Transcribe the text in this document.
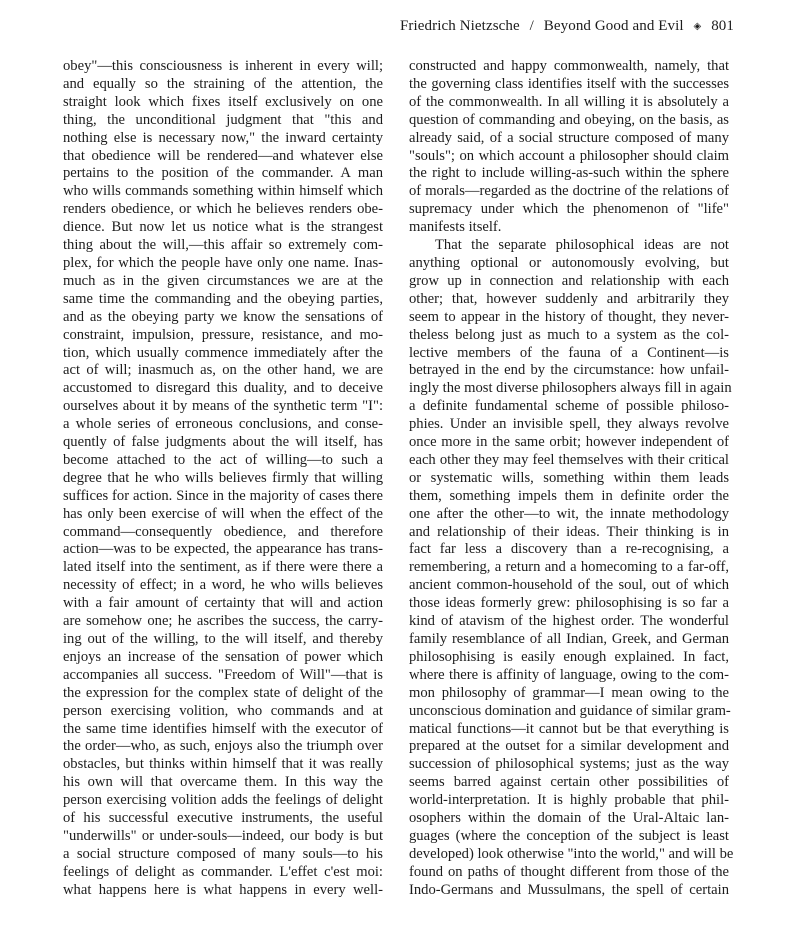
Friedrich Nietzsche / Beyond Good and Evil ◈ 801
obey"—this consciousness is inherent in every will;
and equally so the straining of the attention, the
straight look which fixes itself exclusively on one
thing, the unconditional judgment that "this and
nothing else is necessary now," the inward certainty
that obedience will be rendered—and whatever else
pertains to the position of the commander. A man
who wills commands something within himself which
renders obedience, or which he believes renders obe-
dience. But now let us notice what is the strangest
thing about the will,—this affair so extremely com-
plex, for which the people have only one name. Inas-
much as in the given circumstances we are at the
same time the commanding and the obeying parties,
and as the obeying party we know the sensations of
constraint, impulsion, pressure, resistance, and mo-
tion, which usually commence immediately after the
act of will; inasmuch as, on the other hand, we are
accustomed to disregard this duality, and to deceive
ourselves about it by means of the synthetic term "I":
a whole series of erroneous conclusions, and conse-
quently of false judgments about the will itself, has
become attached to the act of willing—to such a
degree that he who wills believes firmly that willing
suffices for action. Since in the majority of cases there
has only been exercise of will when the effect of the
command—consequently obedience, and therefore
action—was to be expected, the appearance has trans-
lated itself into the sentiment, as if there were there a
necessity of effect; in a word, he who wills believes
with a fair amount of certainty that will and action
are somehow one; he ascribes the success, the carry-
ing out of the willing, to the will itself, and thereby
enjoys an increase of the sensation of power which
accompanies all success. "Freedom of Will"—that is
the expression for the complex state of delight of the
person exercising volition, who commands and at
the same time identifies himself with the executor of
the order—who, as such, enjoys also the triumph over
obstacles, but thinks within himself that it was really
his own will that overcame them. In this way the
person exercising volition adds the feelings of delight
of his successful executive instruments, the useful
"underwills" or under-souls—indeed, our body is but
a social structure composed of many souls—to his
feelings of delight as commander. L'effet c'est moi:
what happens here is what happens in every well-
constructed and happy commonwealth, namely, that
the governing class identifies itself with the successes
of the commonwealth. In all willing it is absolutely a
question of commanding and obeying, on the basis, as
already said, of a social structure composed of many
"souls"; on which account a philosopher should claim
the right to include willing-as-such within the sphere
of morals—regarded as the doctrine of the relations of
supremacy under which the phenomenon of "life"
manifests itself.
That the separate philosophical ideas are not
anything optional or autonomously evolving, but
grow up in connection and relationship with each
other; that, however suddenly and arbitrarily they
seem to appear in the history of thought, they never-
theless belong just as much to a system as the col-
lective members of the fauna of a Continent—is
betrayed in the end by the circumstance: how unfail-
ingly the most diverse philosophers always fill in again
a definite fundamental scheme of possible philoso-
phies. Under an invisible spell, they always revolve
once more in the same orbit; however independent of
each other they may feel themselves with their critical
or systematic wills, something within them leads
them, something impels them in definite order the
one after the other—to wit, the innate methodology
and relationship of their ideas. Their thinking is in
fact far less a discovery than a re-recognising, a
remembering, a return and a homecoming to a far-off,
ancient common-household of the soul, out of which
those ideas formerly grew: philosophising is so far a
kind of atavism of the highest order. The wonderful
family resemblance of all Indian, Greek, and German
philosophising is easily enough explained. In fact,
where there is affinity of language, owing to the com-
mon philosophy of grammar—I mean owing to the
unconscious domination and guidance of similar gram-
matical functions—it cannot but be that everything is
prepared at the outset for a similar development and
succession of philosophical systems; just as the way
seems barred against certain other possibilities of
world-interpretation. It is highly probable that phil-
osophers within the domain of the Ural-Altaic lan-
guages (where the conception of the subject is least
developed) look otherwise "into the world," and will be
found on paths of thought different from those of the
Indo-Germans and Mussulmans, the spell of certain
